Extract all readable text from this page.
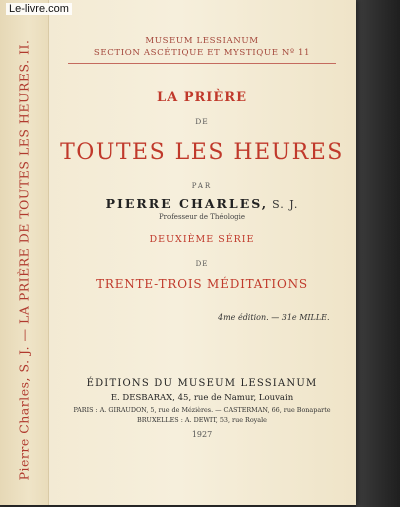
Pierre Charles, S. J. — LA PRIÈRE DE TOUTES LES HEURES. II.	MUSEUM LESSIANUM
SECTION ASCÉTIQUE ET MYSTIQUE Nº 11
LA PRIÈRE
DE
TOUTES LES HEURES
PAR
PIERRE CHARLES, S. J.
Professeur de Théologie
DEUXIÈME SÉRIE
DE
TRENTE-TROIS MÉDITATIONS
4me édition. — 31e MILLE.
ÉDITIONS DU MUSEUM LESSIANUM
E. DESBARAX, 45, rue de Namur, Louvain
PARIS : A. GIRAUDON, 5, rue de Mézières. — CASTERMAN, 66, rue Bonaparte
BRUXELLES : A. DEWIT, 53, rue Royale
1927
Le-livre.com
